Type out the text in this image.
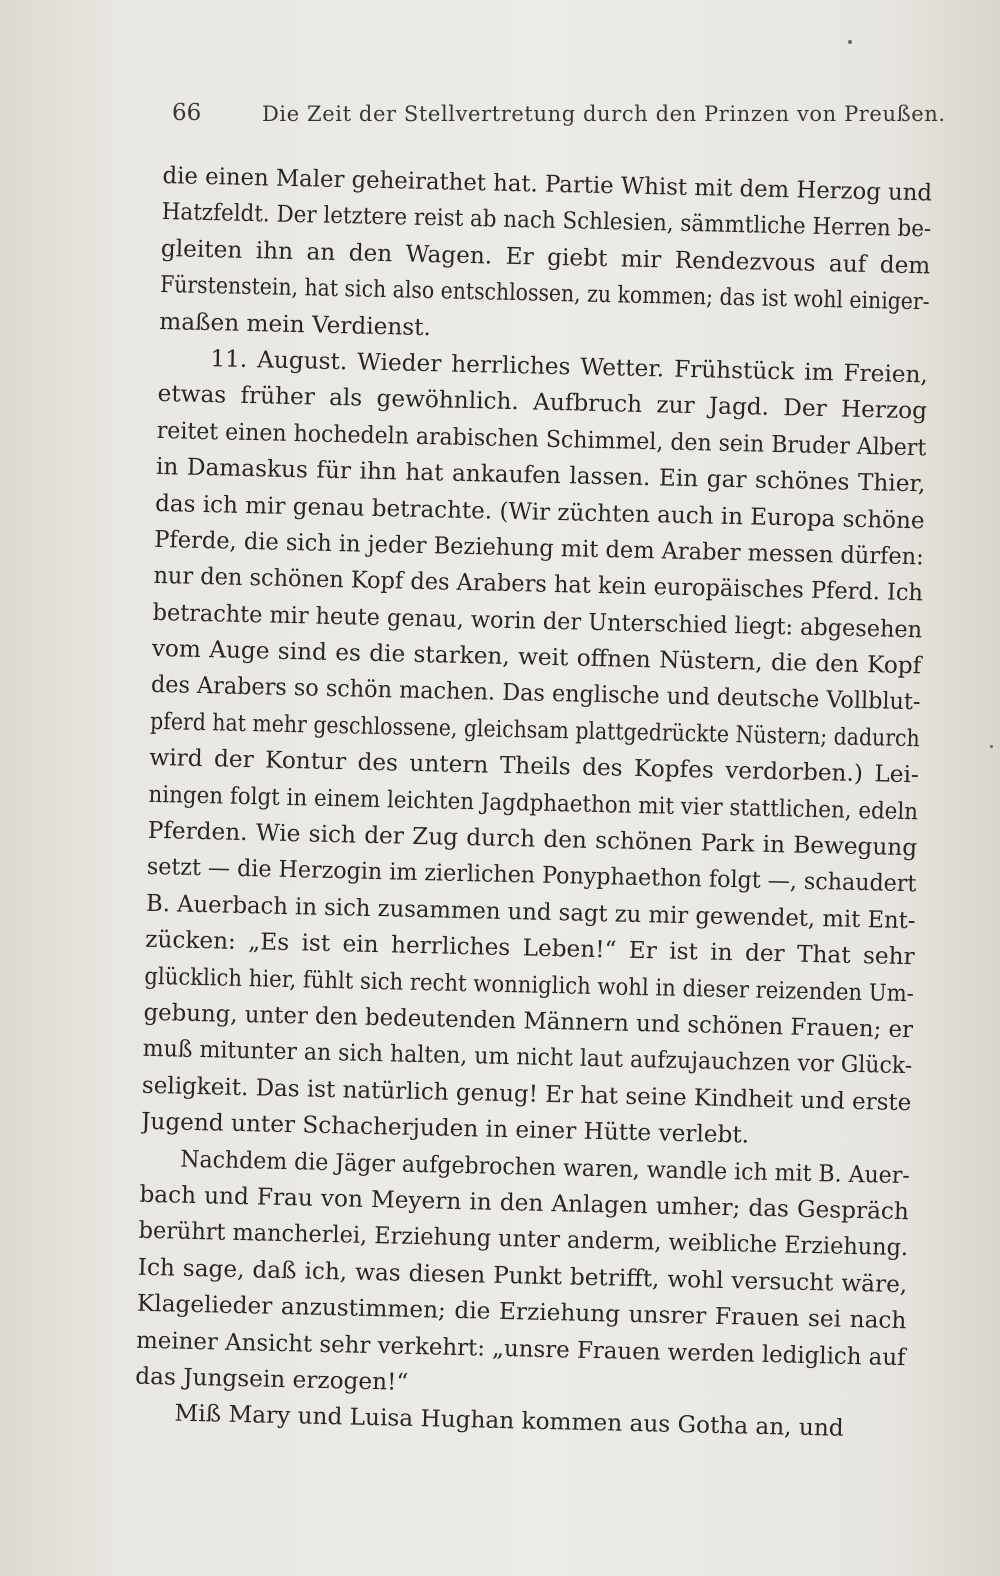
66	Die Zeit der Stellvertretung durch den Prinzen von Preußen.
die einen Maler geheirathet hat. Partie Whist mit dem Herzog und
Hatzfeldt. Der letztere reist ab nach Schlesien, sämmtliche Herren be-
gleiten ihn an den Wagen. Er giebt mir Rendezvous auf dem
Fürstenstein, hat sich also entschlossen, zu kommen; das ist wohl einiger-
maßen mein Verdienst.
11. August. Wieder herrliches Wetter. Frühstück im Freien,
etwas früher als gewöhnlich. Aufbruch zur Jagd. Der Herzog
reitet einen hochedeln arabischen Schimmel, den sein Bruder Albert
in Damaskus für ihn hat ankaufen lassen. Ein gar schönes Thier,
das ich mir genau betrachte. (Wir züchten auch in Europa schöne
Pferde, die sich in jeder Beziehung mit dem Araber messen dürfen:
nur den schönen Kopf des Arabers hat kein europäisches Pferd. Ich
betrachte mir heute genau, worin der Unterschied liegt: abgesehen
vom Auge sind es die starken, weit offnen Nüstern, die den Kopf
des Arabers so schön machen. Das englische und deutsche Vollblut-
pferd hat mehr geschlossene, gleichsam plattgedrückte Nüstern; dadurch
wird der Kontur des untern Theils des Kopfes verdorben.) Lei-
ningen folgt in einem leichten Jagdphaethon mit vier stattlichen, edeln
Pferden. Wie sich der Zug durch den schönen Park in Bewegung
setzt — die Herzogin im zierlichen Ponyphaethon folgt —, schaudert
B. Auerbach in sich zusammen und sagt zu mir gewendet, mit Ent-
zücken: „Es ist ein herrliches Leben!“ Er ist in der That sehr
glücklich hier, fühlt sich recht wonniglich wohl in dieser reizenden Um-
gebung, unter den bedeutenden Männern und schönen Frauen; er
muß mitunter an sich halten, um nicht laut aufzujauchzen vor Glück-
seligkeit. Das ist natürlich genug! Er hat seine Kindheit und erste
Jugend unter Schacherjuden in einer Hütte verlebt.
Nachdem die Jäger aufgebrochen waren, wandle ich mit B. Auer-
bach und Frau von Meyern in den Anlagen umher; das Gespräch
berührt mancherlei, Erziehung unter anderm, weibliche Erziehung.
Ich sage, daß ich, was diesen Punkt betrifft, wohl versucht wäre,
Klagelieder anzustimmen; die Erziehung unsrer Frauen sei nach
meiner Ansicht sehr verkehrt: „unsre Frauen werden lediglich auf
das Jungsein erzogen!“
Miß Mary und Luisa Hughan kommen aus Gotha an, und
